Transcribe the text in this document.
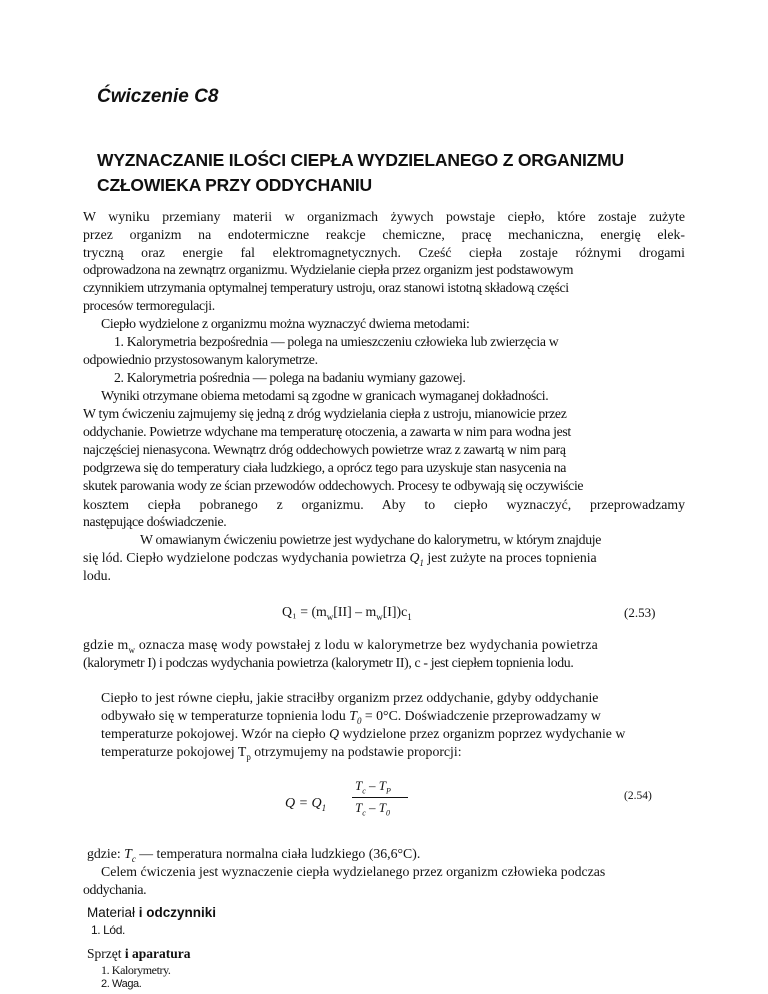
Ćwiczenie C8
WYZNACZANIE ILOŚCI CIEPŁA WYDZIELANEGO Z ORGANIZMU
CZŁOWIEKA PRZY ODDYCHANIU
W wyniku przemiany materii w organizmach żywych powstaje ciepło, które zostaje zużyte
przez organizm na endotermiczne reakcje chemiczne, pracę mechaniczna, energię elek-
tryczną oraz energie fal elektromagnetycznych. Cześć ciepła zostaje różnymi drogami
odprowadzona na zewnątrz organizmu. Wydzielanie ciepła przez organizm jest podstawowym
czynnikiem utrzymania optymalnej temperatury ustroju, oraz stanowi istotną składową części
procesów termoregulacji.
Ciepło wydzielone z organizmu można wyznaczyć dwiema metodami:
1. Kalorymetria bezpośrednia — polega na umieszczeniu człowieka lub zwierzęcia w
odpowiednio przystosowanym kalorymetrze.
2. Kalorymetria pośrednia — polega na badaniu wymiany gazowej.
Wyniki otrzymane obiema metodami są zgodne w granicach wymaganej dokładności.
W tym ćwiczeniu zajmujemy się jedną z dróg wydzielania ciepła z ustroju, mianowicie przez
oddychanie. Powietrze wdychane ma temperaturę otoczenia, a zawarta w nim para wodna jest
najczęściej nienasycona. Wewnątrz dróg oddechowych powietrze wraz z zawartą w nim parą
podgrzewa się do temperatury ciała ludzkiego, a oprócz tego para uzyskuje stan nasycenia na
skutek parowania wody ze ścian przewodów oddechowych. Procesy te odbywają się oczywiście
kosztem ciepła pobranego z organizmu. Aby to ciepło wyznaczyć, przeprowadzamy
następujące doświadczenie.
W omawianym ćwiczeniu powietrze jest wydychane do kalorymetru, w którym znajduje
się lód. Ciepło wydzielone podczas wydychania powietrza $Q_1$ jest zużyte na proces topnienia
lodu.
$Q_1 = (m_w[II] - m_w[I])c_1$	(2.53)
gdzie $m_w$ oznacza masę wody powstałej z lodu w kalorymetrze bez wydychania powietrza
(kalorymetr I) i podczas wydychania powietrza (kalorymetr II), c - jest ciepłem topnienia lodu.
Ciepło to jest równe ciepłu, jakie straciłby organizm przez oddychanie, gdyby oddychanie
odbywało się w temperaturze topnienia lodu $T_0 = 0^\circ C$. Doświadczenie przeprowadzamy w
temperaturze pokojowej. Wzór na ciepło Q wydzielone przez organizm poprzez wydychanie w
temperaturze pokojowej $T_p$ otrzymujemy na podstawie proporcji:
$Q = Q_1$
$T_c - T_P$
$T_c - T_0$
(2.54)
gdzie: $T_c$ — temperatura normalna ciała ludzkiego (36,6°C).
Celem ćwiczenia jest wyznaczenie ciepła wydzielanego przez organizm człowieka podczas
oddychania.
Materiał i odczynniki
1. Lód.
Sprzęt i aparatura
1. Kalorymetry.
2. Waga.
